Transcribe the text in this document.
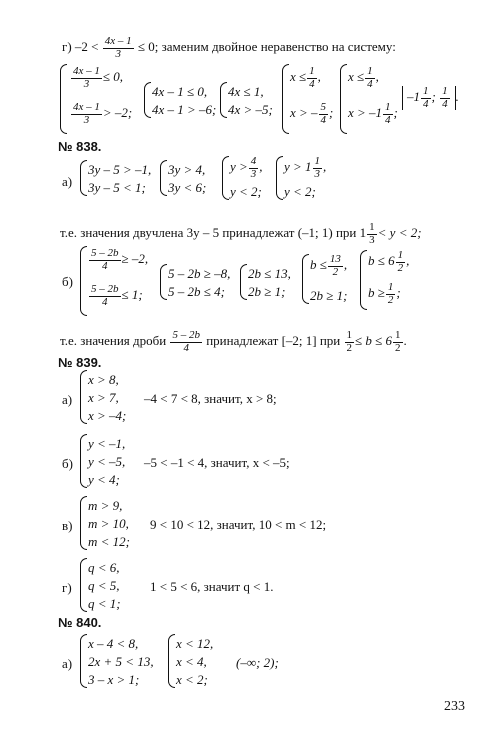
г) $-2 < \frac{4x - 1}{3} \le 0$; заменим двойное неравенство на систему:
$\frac{4x - 1}{3} \le 0$,
$\frac{4x - 1}{3} > -2$;
4x – 1 ≤ 0,
4x – 1 > –6;
4x ≤ 1,
4x > –5;
$x \le \frac{1}{4}$ ,
x > – $\frac{5}{4}$ ;
$x \le \frac{1}{4}$ ,
$x > -1 \frac{1}{4}$ ;
$-1 \frac{1}{4}$ ; $\frac{1}{4}$ .
№ 838.
а)
3y – 5 > –1,
3y – 5 < 1;
3y > 4,
3y < 6;
$y > \frac{4}{3}$ ,
y < 2;
$y > 1 \frac{1}{3}$ ,
y < 2;
т.е. значения двучлена 3y – 5 принадлежат (–1; 1) при $1 \frac{1}{3} < y < 2$;
б)
$\frac{5 - 2b}{4} \ge -2$,
$\frac{5 - 2b}{4} \le 1$;
5 – 2b ≥ –8,
5 – 2b ≤ 4;
2b ≤ 13,
2b ≥ 1;
$b \le \frac{13}{2}$ ,
2b ≥ 1;
$b \le 6 \frac{1}{2}$ ,
$b \ge \frac{1}{2}$ ;
т.е. значения дроби $\frac{5 - 2b}{4}$ принадлежат [–2; 1] при $\frac{1}{2} \le b \le 6 \frac{1}{2}$ .
№ 839.
а)
x > 8,
x > 7,
x > –4;
–4 < 7 < 8, значит, x > 8;
б)
y < –1,
y < –5,
y < 4;
–5 < –1 < 4, значит, x < –5;
в)
m > 9,
m > 10,
m < 12;
9 < 10 < 12, значит, 10 < m < 12;
г)
q < 6,
q < 5,
q < 1;
1 < 5 < 6, значит q < 1.
№ 840.
а)
x – 4 < 8,
2x + 5 < 13,
3 – x > 1;
x < 12,
x < 4,
x < 2;
(–∞; 2);
233
